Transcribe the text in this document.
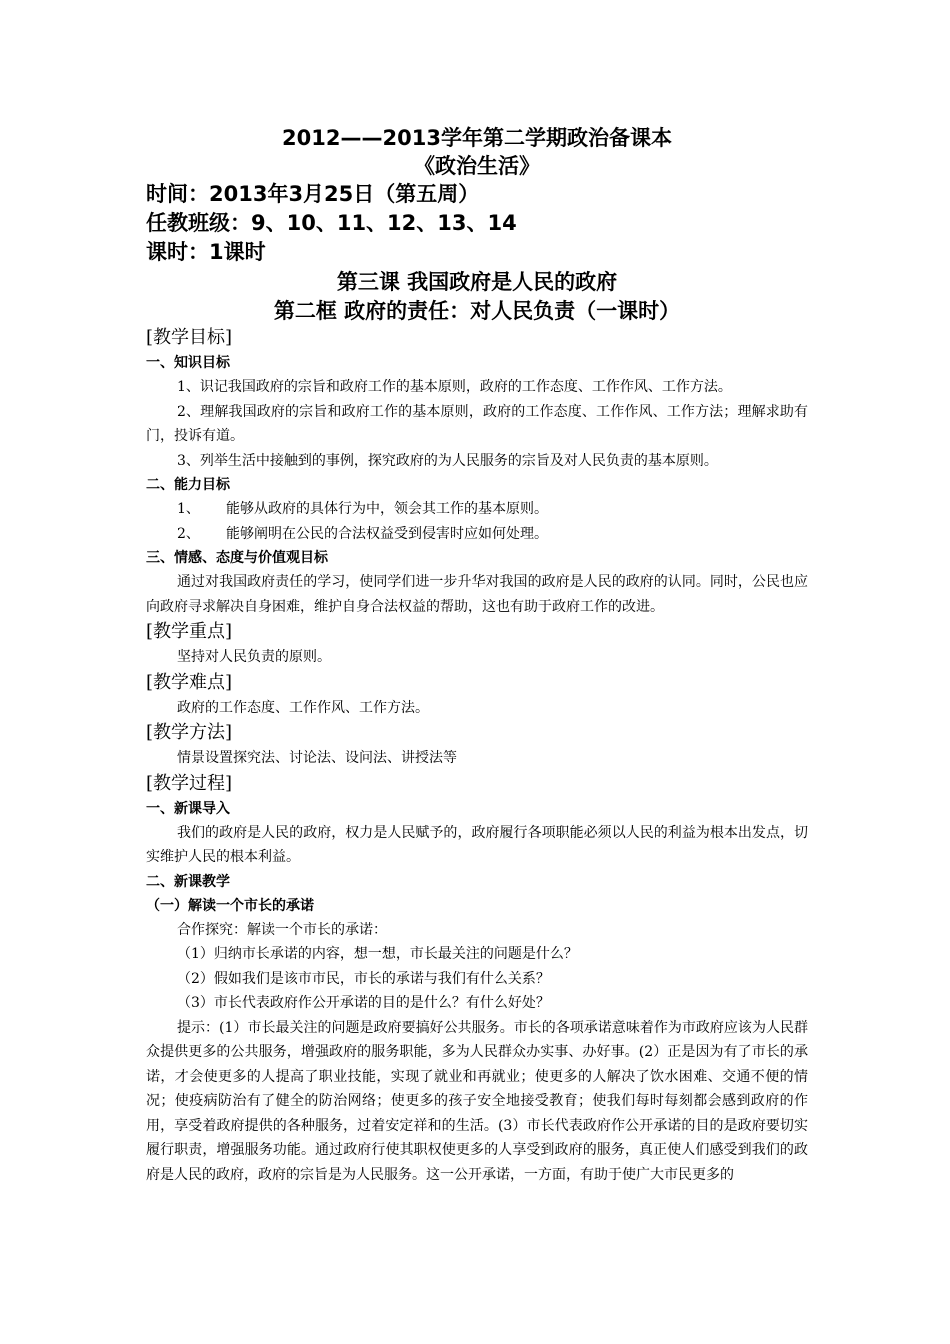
2012——2013学年第二学期政治备课本
《政治生活》
时间：2013年3月25日（第五周）
任教班级：9、10、11、12、13、14
课时：1课时
第三课 我国政府是人民的政府
第二框 政府的责任：对人民负责（一课时）
[教学目标]
一、知识目标

1、识记我国政府的宗旨和政府工作的基本原则，政府的工作态度、工作作风、工作方法。

2、理解我国政府的宗旨和政府工作的基本原则，政府的工作态度、工作作风、工作方法；理解求助有门，投诉有道。

3、列举生活中接触到的事例，探究政府的为人民服务的宗旨及对人民负责的基本原则。

二、能力目标
1、 能够从政府的具体行为中，领会其工作的基本原则。
2、 能够阐明在公民的合法权益受到侵害时应如何处理。
三、情感、态度与价值观目标

通过对我国政府责任的学习，使同学们进一步升华对我国的政府是人民的政府的认同。同时，公民也应向政府寻求解决自身困难，维护自身合法权益的帮助，这也有助于政府工作的改进。

[教学重点]
坚持对人民负责的原则。
[教学难点]
政府的工作态度、工作作风、工作方法。
[教学方法]
情景设置探究法、讨论法、设问法、讲授法等
[教学过程]
一、新课导入

我们的政府是人民的政府，权力是人民赋予的，政府履行各项职能必须以人民的利益为根本出发点，切实维护人民的根本利益。

二、新课教学
（一）解读一个市长的承诺
合作探究：解读一个市长的承诺：
（1）归纳市长承诺的内容，想一想，市长最关注的问题是什么？
（2）假如我们是该市市民，市长的承诺与我们有什么关系？
（3）市长代表政府作公开承诺的目的是什么？有什么好处？

提示：(1）市长最关注的问题是政府要搞好公共服务。市长的各项承诺意味着作为市政府应该为人民群众提供更多的公共服务，增强政府的服务职能，多为人民群众办实事、办好事。(2）正是因为有了市长的承诺，才会使更多的人提高了职业技能，实现了就业和再就业；使更多的人解决了饮水困难、交通不便的情况；使疫病防治有了健全的防治网络；使更多的孩子安全地接受教育；使我们每时每刻都会感到政府的作用，享受着政府提供的各种服务，过着安定祥和的生活。(3）市长代表政府作公开承诺的目的是政府要切实履行职责，增强服务功能。通过政府行使其职权使更多的人享受到政府的服务，真正使人们感受到我们的政府是人民的政府，政府的宗旨是为人民服务。这一公开承诺，一方面，有助于使广大市民更多的
